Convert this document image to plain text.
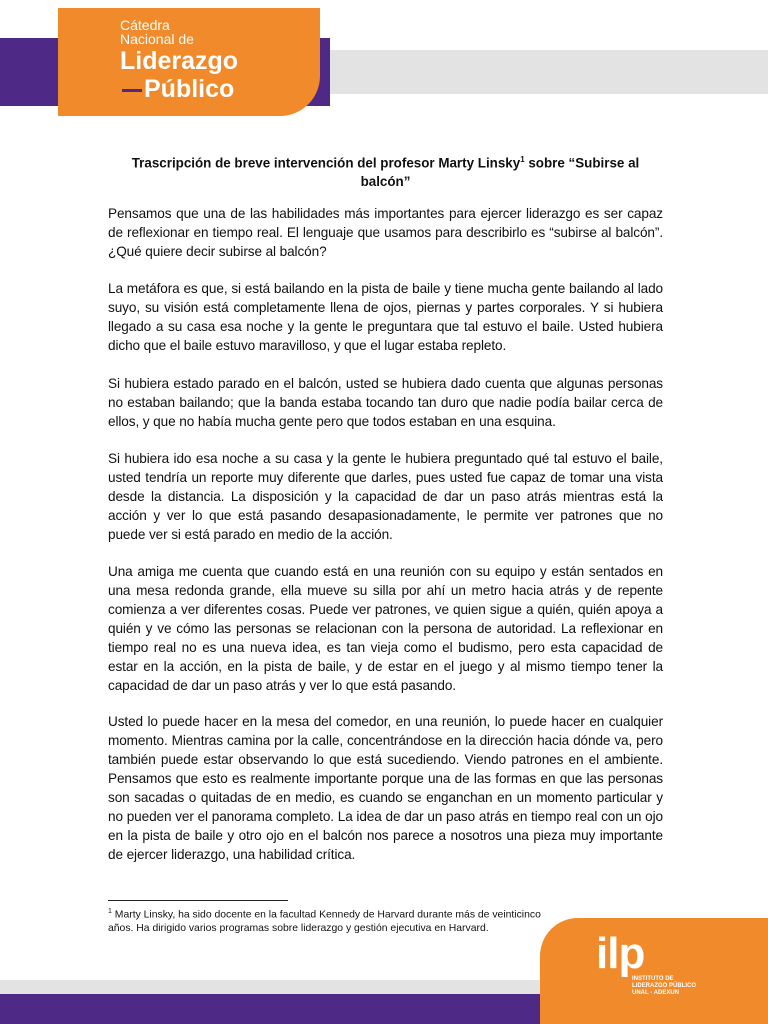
Cátedra
Nacional de
Liderazgo
Público
Trascripción de breve intervención del profesor Marty Linsky$^1$ sobre “Subirse al balcón”

Pensamos que una de las habilidades más importantes para ejercer liderazgo es ser capaz de reflexionar en tiempo real. El lenguaje que usamos para describirlo es “subirse al balcón”. ¿Qué quiere decir subirse al balcón?

La metáfora es que, si está bailando en la pista de baile y tiene mucha gente bailando al lado suyo, su visión está completamente llena de ojos, piernas y partes corporales. Y si hubiera llegado a su casa esa noche y la gente le preguntara que tal estuvo el baile. Usted hubiera dicho que el baile estuvo maravilloso, y que el lugar estaba repleto.

Si hubiera estado parado en el balcón, usted se hubiera dado cuenta que algunas personas no estaban bailando; que la banda estaba tocando tan duro que nadie podía bailar cerca de ellos, y que no había mucha gente pero que todos estaban en una esquina.

Si hubiera ido esa noche a su casa y la gente le hubiera preguntado qué tal estuvo el baile, usted tendría un reporte muy diferente que darles, pues usted fue capaz de tomar una vista desde la distancia. La disposición y la capacidad de dar un paso atrás mientras está la acción y ver lo que está pasando desapasionadamente, le permite ver patrones que no puede ver si está parado en medio de la acción.

Una amiga me cuenta que cuando está en una reunión con su equipo y están sentados en una mesa redonda grande, ella mueve su silla por ahí un metro hacia atrás y de repente comienza a ver diferentes cosas. Puede ver patrones, ve quien sigue a quién, quién apoya a quién y ve cómo las personas se relacionan con la persona de autoridad. La reflexionar en tiempo real no es una nueva idea, es tan vieja como el budismo, pero esta capacidad de estar en la acción, en la pista de baile, y de estar en el juego y al mismo tiempo tener la capacidad de dar un paso atrás y ver lo que está pasando.

Usted lo puede hacer en la mesa del comedor, en una reunión, lo puede hacer en cualquier momento. Mientras camina por la calle, concentrándose en la dirección hacia dónde va, pero también puede estar observando lo que está sucediendo. Viendo patrones en el ambiente. Pensamos que esto es realmente importante porque una de las formas en que las personas son sacadas o quitadas de en medio, es cuando se enganchan en un momento particular y no pueden ver el panorama completo. La idea de dar un paso atrás en tiempo real con un ojo en la pista de baile y otro ojo en el balcón nos parece a nosotros una pieza muy importante de ejercer liderazgo, una habilidad crítica.

$^1$ Marty Linsky, ha sido docente en la facultad Kennedy de Harvard durante más de veinticinco años. Ha dirigido varios programas sobre liderazgo y gestión ejecutiva en Harvard.
ilp
INSTITUTO DE
LIDERAZGO PÚBLICO
UNAL - ADEXUN
